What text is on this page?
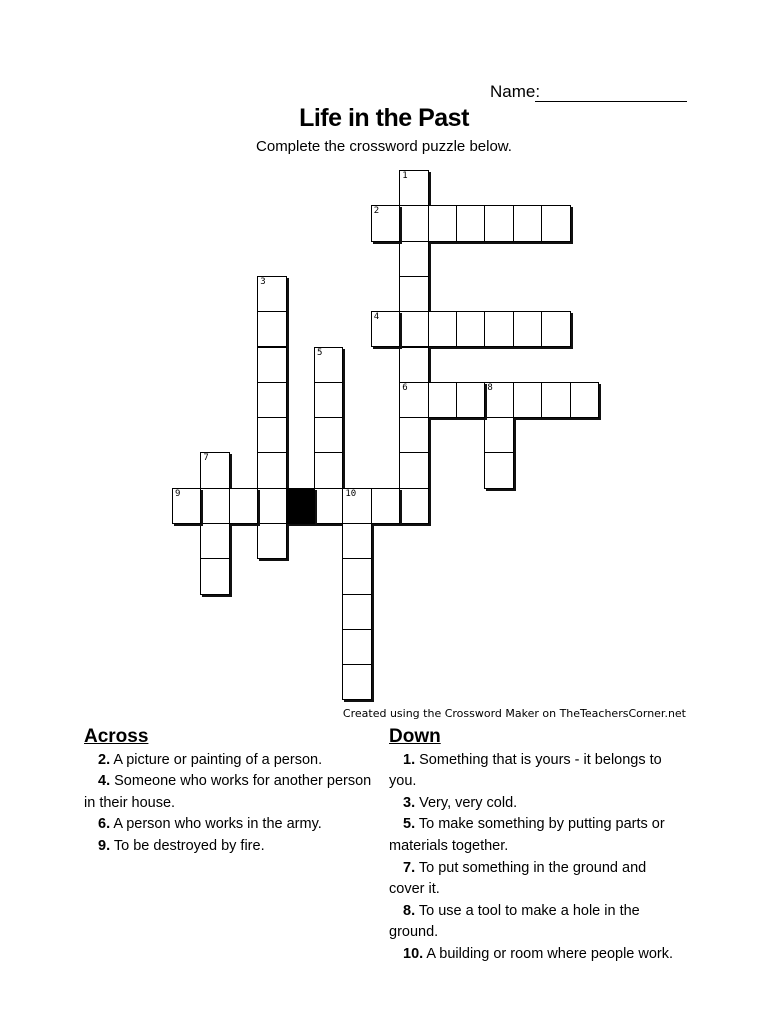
Name:
Life in the Past
Complete the crossword puzzle below.
1
6
3
5
7
8
10
2
4
9
Created using the Crossword Maker on TheTeachersCorner.net
Across
2. A picture or painting of a person.
4. Someone who works for another person
in their house.
6. A person who works in the army.
9. To be destroyed by fire.
Down
1. Something that is yours - it belongs to
you.
3. Very, very cold.
5. To make something by putting parts or
materials together.
7. To put something in the ground and
cover it.
8. To use a tool to make a hole in the
ground.
10. A building or room where people work.
